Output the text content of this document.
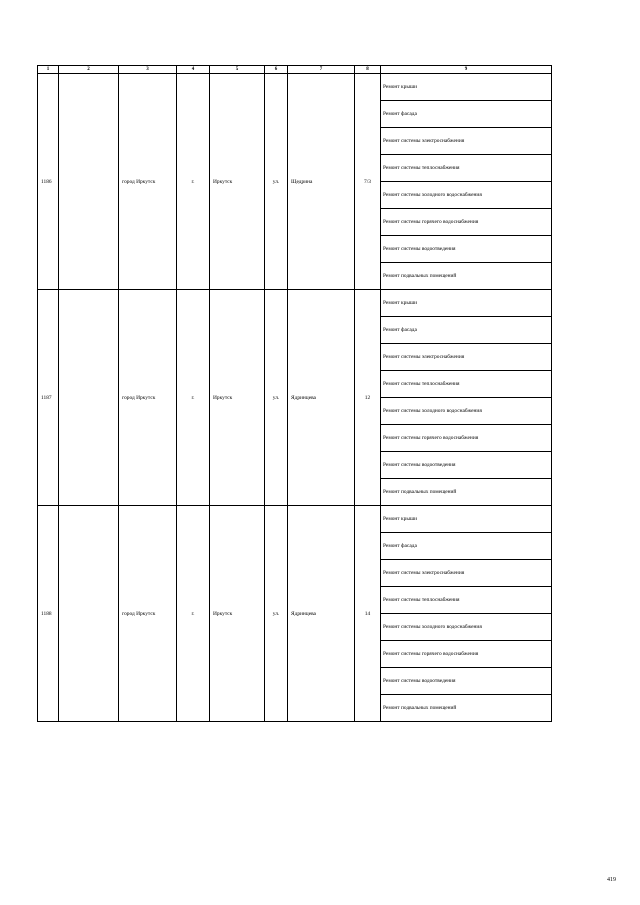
1	2	3	4	5	6	7	8	9
1186		город Иркутск	г.	Иркутск	ул.	Щедрина	7/3	Ремонт крыши
								Ремонт фасада
								Ремонт системы электроснабжения
								Ремонт системы теплоснабжения
								Ремонт системы холодного водоснабжения
								Ремонт системы горячего водоснабжения
								Ремонт системы водоотведения
								Ремонт подвальных помещений
1187		город Иркутск	г.	Иркутск	ул.	Ядринцева	12	Ремонт крыши
								Ремонт фасада
								Ремонт системы электроснабжения
								Ремонт системы теплоснабжения
								Ремонт системы холодного водоснабжения
								Ремонт системы горячего водоснабжения
								Ремонт системы водоотведения
								Ремонт подвальных помещений
1188		город Иркутск	г.	Иркутск	ул.	Ядринцева	14	Ремонт крыши
								Ремонт фасада
								Ремонт системы электроснабжения
								Ремонт системы теплоснабжения
								Ремонт системы холодного водоснабжения
								Ремонт системы горячего водоснабжения
								Ремонт системы водоотведения
								Ремонт подвальных помещений
419
